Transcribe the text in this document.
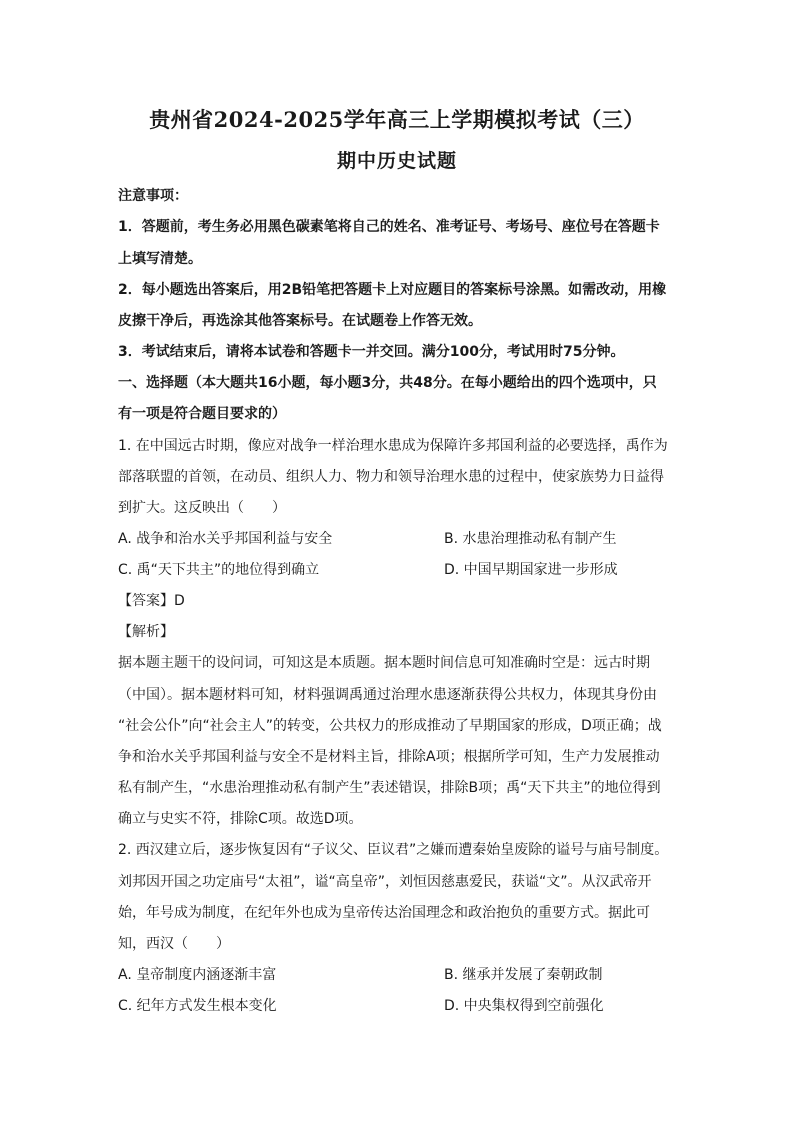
贵州省2024-2025学年高三上学期模拟考试（三）
期中历史试题
注意事项：
1．答题前，考生务必用黑色碳素笔将自己的姓名、准考证号、考场号、座位号在答题卡
上填写清楚。
2．每小题选出答案后，用2B铅笔把答题卡上对应题目的答案标号涂黑。如需改动，用橡
皮擦干净后，再选涂其他答案标号。在试题卷上作答无效。
3．考试结束后，请将本试卷和答题卡一并交回。满分100分，考试用时75分钟。
一、选择题（本大题共16小题，每小题3分，共48分。在每小题给出的四个选项中，只
有一项是符合题目要求的）
1. 在中国远古时期，像应对战争一样治理水患成为保障许多邦国利益的必要选择，禹作为
部落联盟的首领，在动员、组织人力、物力和领导治理水患的过程中，使家族势力日益得
到扩大。这反映出（　　）
A. 战争和治水关乎邦国利益与安全	B. 水患治理推动私有制产生
C. 禹“天下共主”的地位得到确立	D. 中国早期国家进一步形成
【答案】D
【解析】
据本题主题干的设问词，可知这是本质题。据本题时间信息可知准确时空是：远古时期
（中国）。据本题材料可知，材料强调禹通过治理水患逐渐获得公共权力，体现其身份由
“社会公仆”向“社会主人”的转变，公共权力的形成推动了早期国家的形成，D项正确；战
争和治水关乎邦国利益与安全不是材料主旨，排除A项；根据所学可知，生产力发展推动
私有制产生，“水患治理推动私有制产生”表述错误，排除B项；禹“天下共主”的地位得到
确立与史实不符，排除C项。故选D项。
2. 西汉建立后，逐步恢复因有“子议父、臣议君”之嫌而遭秦始皇废除的谥号与庙号制度。
刘邦因开国之功定庙号“太祖”，谥“高皇帝”，刘恒因慈惠爱民，获谥“文”。从汉武帝开
始，年号成为制度，在纪年外也成为皇帝传达治国理念和政治抱负的重要方式。据此可
知，西汉（　　）
A. 皇帝制度内涵逐渐丰富	B. 继承并发展了秦朝政制
C. 纪年方式发生根本变化	D. 中央集权得到空前强化
